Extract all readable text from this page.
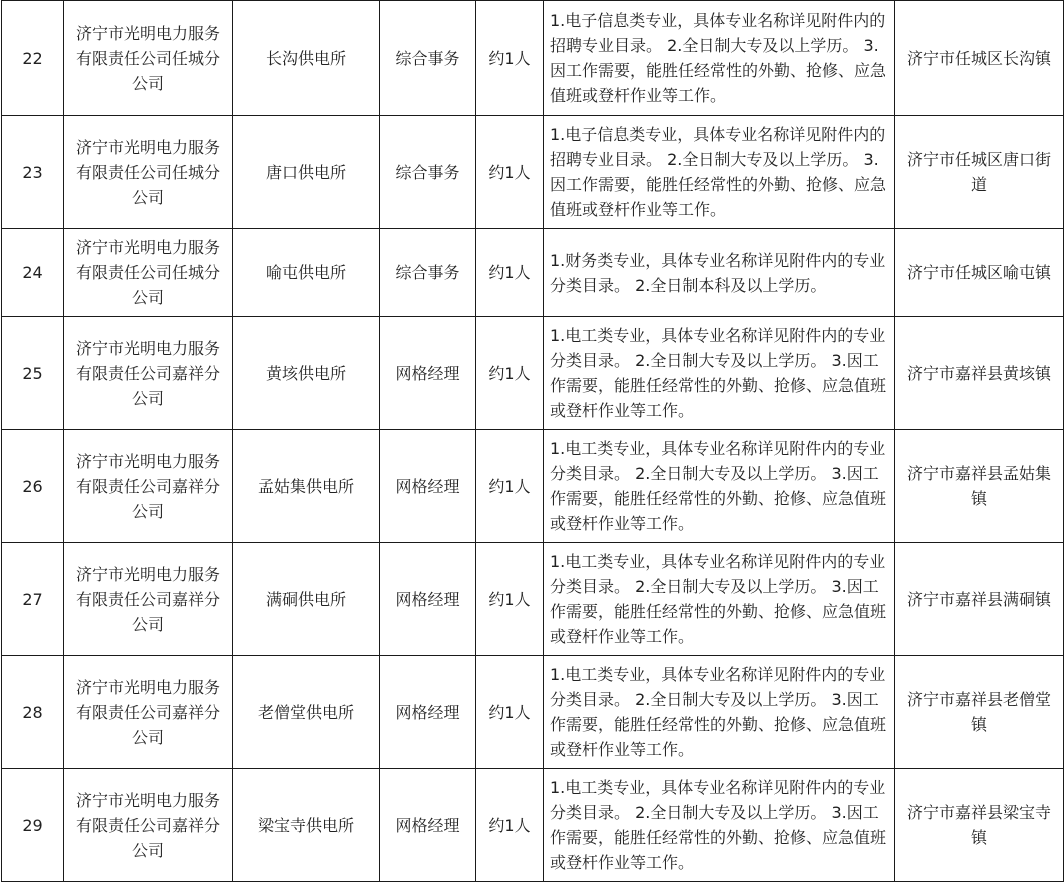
22	济宁市光明电力服务有限责任公司任城分公司	长沟供电所	综合事务	约1人	1.电子信息类专业，具体专业名称详见附件内的招聘专业目录。 2.全日制大专及以上学历。 3.因工作需要，能胜任经常性的外勤、抢修、应急值班或登杆作业等工作。	济宁市任城区长沟镇
23	济宁市光明电力服务有限责任公司任城分公司	唐口供电所	综合事务	约1人	1.电子信息类专业，具体专业名称详见附件内的招聘专业目录。 2.全日制大专及以上学历。 3.因工作需要，能胜任经常性的外勤、抢修、应急值班或登杆作业等工作。	济宁市任城区唐口街道
24	济宁市光明电力服务有限责任公司任城分公司	喻屯供电所	综合事务	约1人	1.财务类专业，具体专业名称详见附件内的专业分类目录。 2.全日制本科及以上学历。	济宁市任城区喻屯镇
25	济宁市光明电力服务有限责任公司嘉祥分公司	黄垓供电所	网格经理	约1人	1.电工类专业，具体专业名称详见附件内的专业分类目录。 2.全日制大专及以上学历。 3.因工作需要，能胜任经常性的外勤、抢修、应急值班或登杆作业等工作。	济宁市嘉祥县黄垓镇
26	济宁市光明电力服务有限责任公司嘉祥分公司	孟姑集供电所	网格经理	约1人	1.电工类专业，具体专业名称详见附件内的专业分类目录。 2.全日制大专及以上学历。 3.因工作需要，能胜任经常性的外勤、抢修、应急值班或登杆作业等工作。	济宁市嘉祥县孟姑集镇
27	济宁市光明电力服务有限责任公司嘉祥分公司	满硐供电所	网格经理	约1人	1.电工类专业，具体专业名称详见附件内的专业分类目录。 2.全日制大专及以上学历。 3.因工作需要，能胜任经常性的外勤、抢修、应急值班或登杆作业等工作。	济宁市嘉祥县满硐镇
28	济宁市光明电力服务有限责任公司嘉祥分公司	老僧堂供电所	网格经理	约1人	1.电工类专业，具体专业名称详见附件内的专业分类目录。 2.全日制大专及以上学历。 3.因工作需要，能胜任经常性的外勤、抢修、应急值班或登杆作业等工作。	济宁市嘉祥县老僧堂镇
29	济宁市光明电力服务有限责任公司嘉祥分公司	梁宝寺供电所	网格经理	约1人	1.电工类专业，具体专业名称详见附件内的专业分类目录。 2.全日制大专及以上学历。 3.因工作需要，能胜任经常性的外勤、抢修、应急值班或登杆作业等工作。	济宁市嘉祥县梁宝寺镇
